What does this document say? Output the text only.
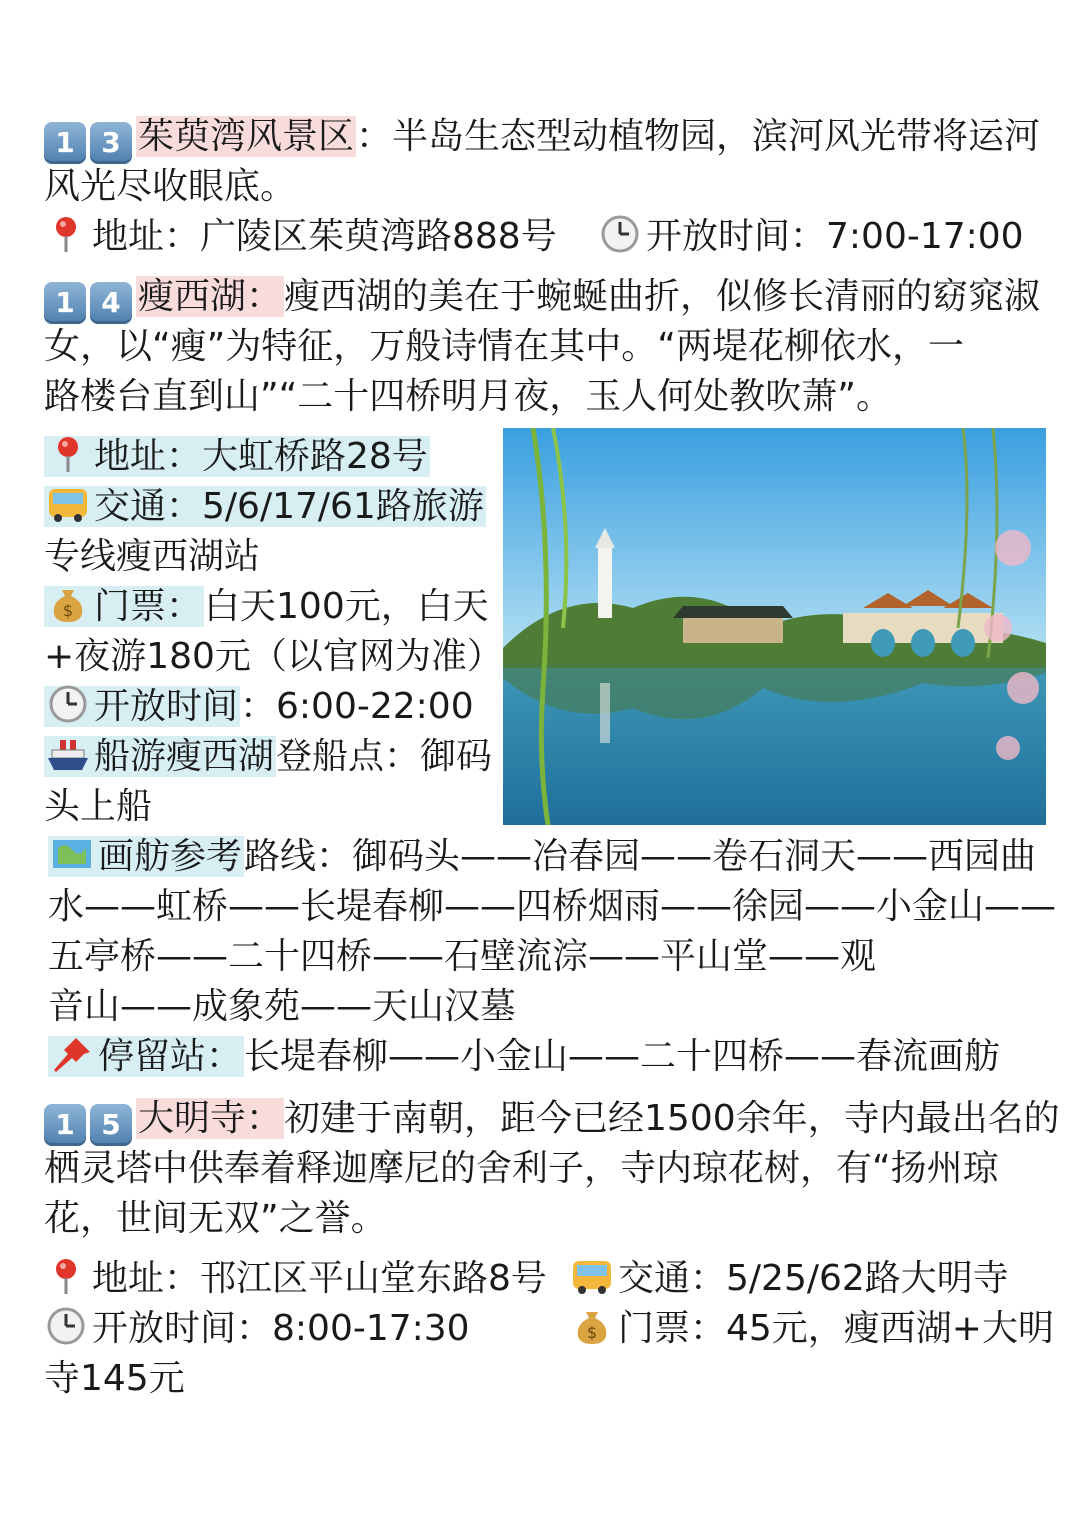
1 3 茱萸湾风景区：半岛生态型动植物园，滨河风光带将运河
风光尽收眼底。
地址：广陵区茱萸湾路888号	开放时间：7:00-17:00
1 4 瘦西湖：瘦西湖的美在于蜿蜒曲折，似修长清丽的窈窕淑
女，以“瘦”为特征，万般诗情在其中。“两堤花柳依水，一
路楼台直到山”“二十四桥明月夜，玉人何处教吹萧”。
地址：大虹桥路28号
交通：5/6/17/61路旅游
专线瘦西湖站
$ 门票：白天100元，白天
+夜游180元（以官网为准）
开放时间：6:00-22:00
船游瘦西湖登船点：御码
头上船
画舫参考路线：御码头——冶春园——卷石洞天——西园曲
水——虹桥——长堤春柳——四桥烟雨——徐园——小金山——
五亭桥——二十四桥——石壁流淙——平山堂——观
音山——成象苑——天山汉墓
停留站：长堤春柳——小金山——二十四桥——春流画舫
1 5 大明寺：初建于南朝，距今已经1500余年，寺内最出名的
栖灵塔中供奉着释迦摩尼的舍利子，寺内琼花树，有“扬州琼
花，世间无双”之誉。
地址：邗江区平山堂东路8号	交通：5/25/62路大明寺
开放时间：8:00-17:30	$ 门票：45元，瘦西湖+大明
寺145元
